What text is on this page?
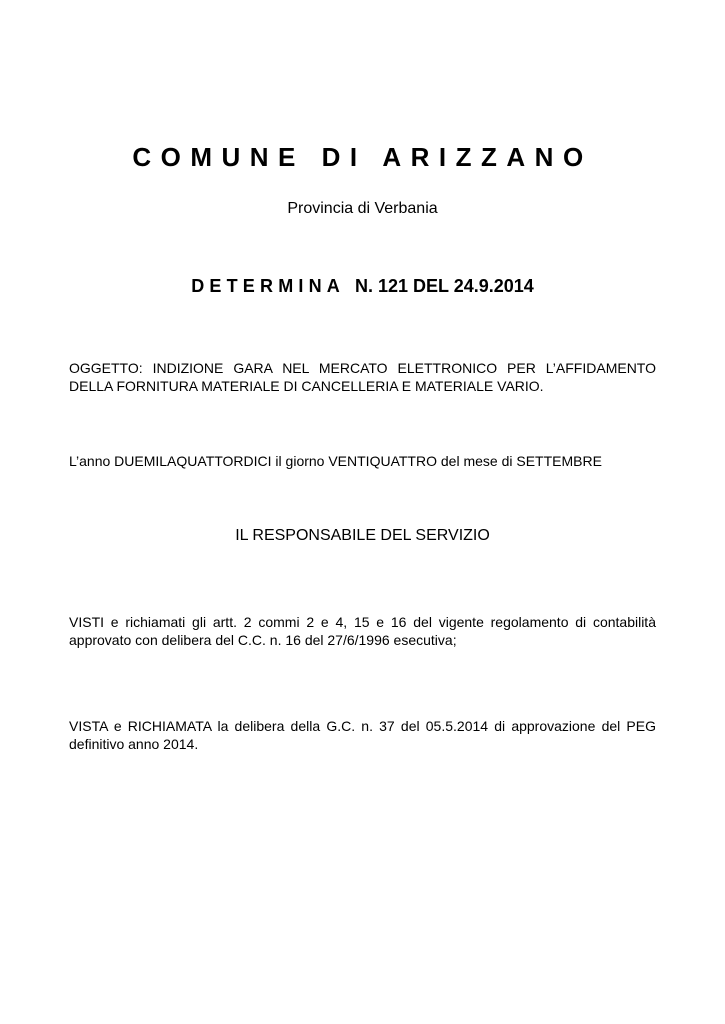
COMUNE DI ARIZZANO
Provincia di Verbania
DETERMINA N. 121 DEL 24.9.2014
OGGETTO: INDIZIONE GARA NEL MERCATO ELETTRONICO PER L’AFFIDAMENTO
DELLA FORNITURA MATERIALE DI CANCELLERIA E MATERIALE VARIO.
L’anno DUEMILAQUATTORDICI il giorno VENTIQUATTRO del mese di SETTEMBRE
IL RESPONSABILE DEL SERVIZIO
VISTI e richiamati gli artt. 2 commi 2 e 4, 15 e 16 del vigente regolamento di contabilità
approvato con delibera del C.C. n. 16 del 27/6/1996 esecutiva;
VISTA e RICHIAMATA la delibera della G.C. n. 37 del 05.5.2014 di approvazione del PEG
definitivo anno 2014.
